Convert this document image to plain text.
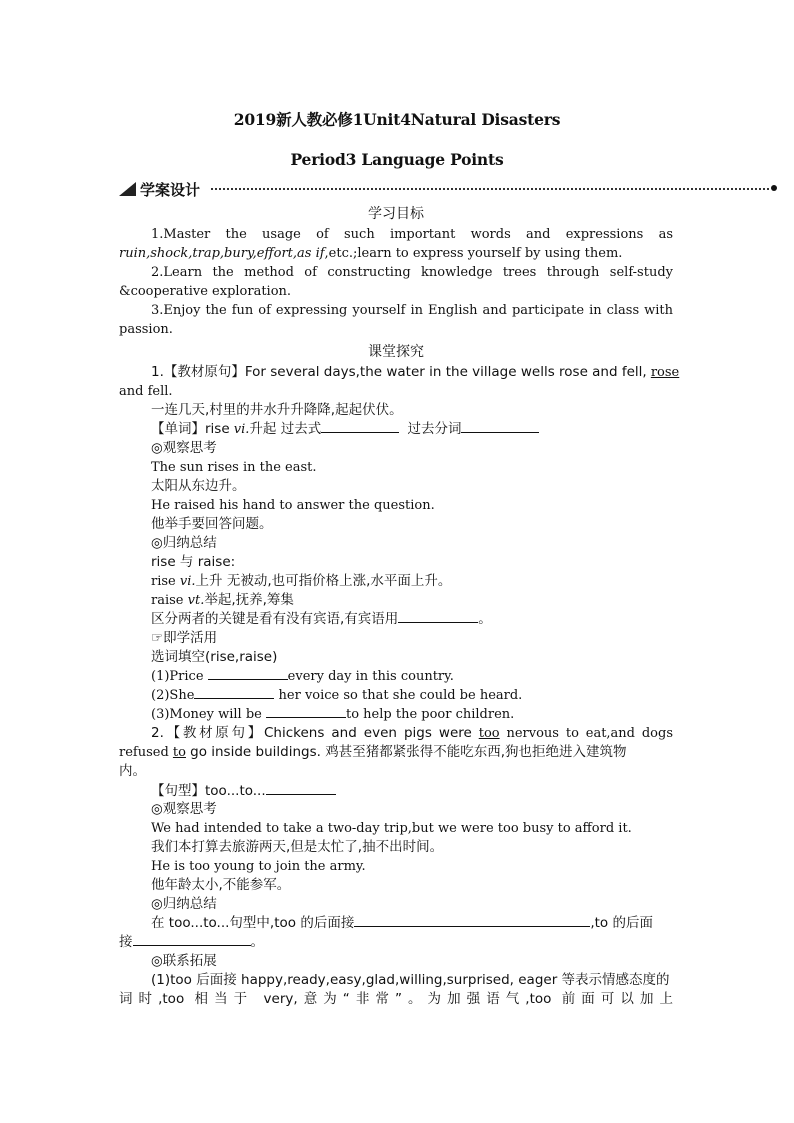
2019新人教必修1Unit4Natural Disasters
Period3 Language Points
学案设计
学习目标
1.Master the usage of such important words and expressions as
ruin,shock,trap,bury,effort,as if,etc.;learn to express yourself by using them.
2.Learn the method of constructing knowledge trees through self-study
&cooperative exploration.
3.Enjoy the fun of expressing yourself in English and participate in class with
passion.
课堂探究
1.【教材原句】For several days,the water in the village wells rose and fell, rose
and fell.
一连几天,村里的井水升升降降,起起伏伏。
【单词】rise vi.升起 过去式	过去分词
◎观察思考
The sun rises in the east.
太阳从东边升。
He raised his hand to answer the question.
他举手要回答问题。
◎归纳总结
rise 与 raise:
rise vi.上升 无被动,也可指价格上涨,水平面上升。
raise vt.举起,抚养,筹集
区分两者的关键是看有没有宾语,有宾语用	。
☞即学活用
选词填空(rise,raise)
(1)Price	every day in this country.
(2)She	her voice so that she could be heard.
(3)Money will be	to help the poor children.
2.【教材原句】Chickens and even pigs were too nervous to eat,and dogs
refused to go inside buildings. 鸡甚至猪都紧张得不能吃东西,狗也拒绝进入建筑物
内。
【句型】too...to...
◎观察思考
We had intended to take a two-day trip,but we were too busy to afford it.
我们本打算去旅游两天,但是太忙了,抽不出时间。
He is too young to join the army.
他年龄太小,不能参军。
◎归纳总结
在 too...to...句型中,too 的后面接	,to 的后面
接	。
◎联系拓展
(1)too 后面接 happy,ready,easy,glad,willing,surprised, eager 等表示情感态度的
词时,too 相当于 very,意为“非常”。为加强语气,too 前面可以加上
